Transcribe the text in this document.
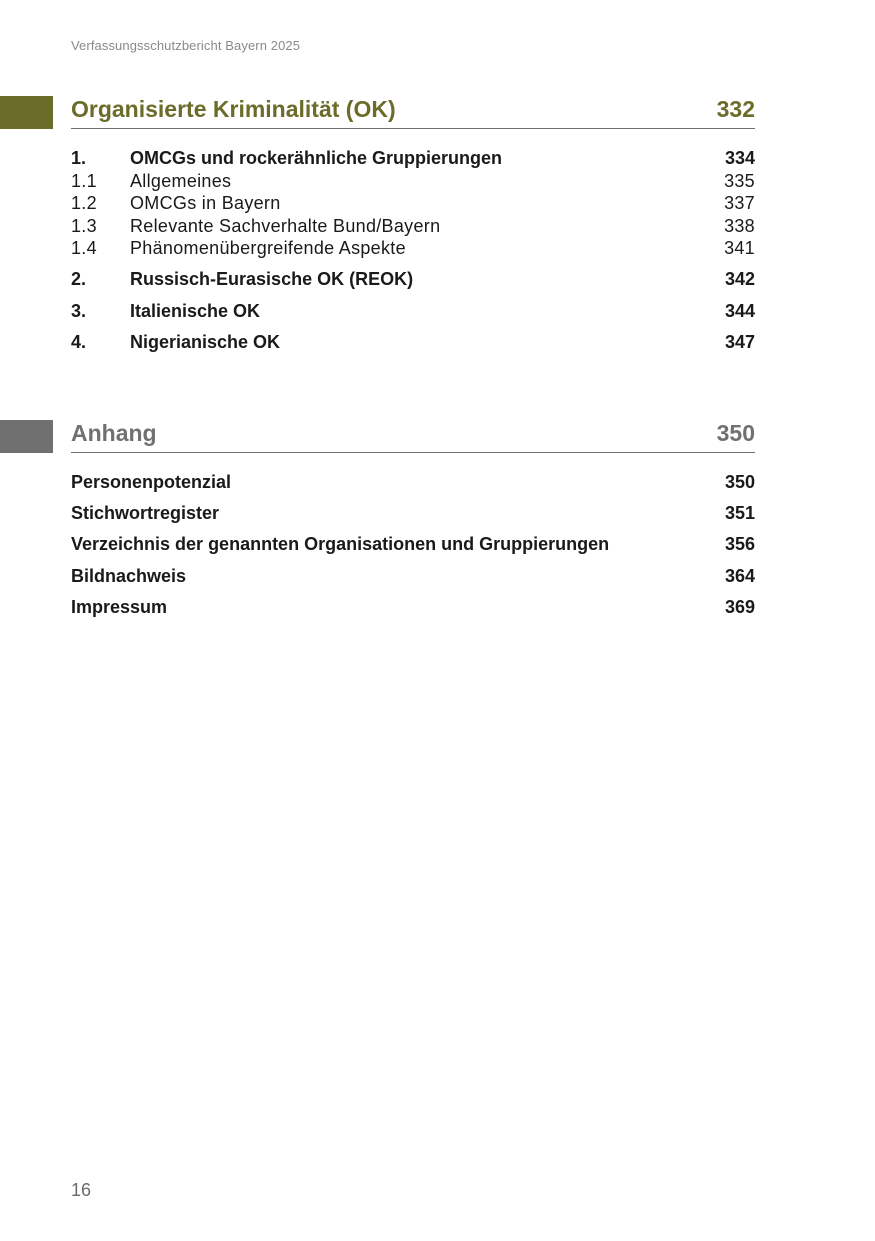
Verfassungsschutzbericht Bayern 2025
Organisierte Kriminalität (OK)	332
1.	OMCGs und rockerähnliche Gruppierungen	334
1.1	Allgemeines	335
1.2	OMCGs in Bayern	337
1.3	Relevante Sachverhalte Bund/Bayern	338
1.4	Phänomenübergreifende Aspekte	341
2.	Russisch-Eurasische OK (REOK)	342
3.	Italienische OK	344
4.	Nigerianische OK	347
Anhang	350
Personenpotenzial	350
Stichwortregister	351
Verzeichnis der genannten Organisationen und Gruppierungen	356
Bildnachweis	364
Impressum	369
16
